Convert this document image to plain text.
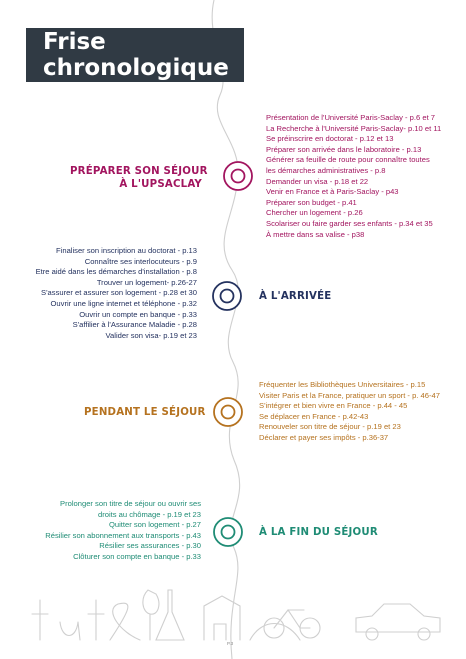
Frise
chronologique
PRÉPARER SON SÉJOUR
À L'UPSACLAY
Présentation de l'Université Paris-Saclay - p.6 et 7
La Recherche à l'Université Paris-Saclay- p.10 et 11
Se préinscrire en doctorat - p.12 et 13
Préparer son arrivée dans le laboratoire - p.13
Générer sa feuille de route pour connaître toutes
les démarches administratives - p.8
Demander un visa - p.18 et 22
Venir en France et à Paris-Saclay - p43
Préparer son budget - p.41
Chercher un logement - p.26
Scolariser ou faire garder ses enfants - p.34 et 35
À mettre dans sa valise - p38
Finaliser son inscription au doctorat - p.13
Connaître ses interlocuteurs - p.9
Etre aidé dans les démarches d'installation - p.8
Trouver un logement- p.26-27
S'assurer et assurer son logement - p.28 et 30
Ouvrir une ligne internet et téléphone - p.32
Ouvrir un compte en banque - p.33
S'affilier à l'Assurance Maladie - p.28
Valider son visa- p.19 et 23
À L'ARRIVÉE
PENDANT LE SÉJOUR
Fréquenter les Bibliothèques Universitaires - p.15
Visiter Paris et la France, pratiquer un sport - p. 46-47
S'intégrer et bien vivre en France - p.44 - 45
Se déplacer en France - p.42-43
Renouveler son titre de séjour - p.19 et 23
Déclarer et payer ses impôts - p.36-37
Prolonger son titre de séjour ou ouvrir ses
droits au chômage - p.19 et 23
Quitter son logement - p.27
Résilier son abonnement aux transports - p.43
Résilier ses assurances - p.30
Clôturer son compte en banque - p.33
À LA FIN DU SÉJOUR
P.3
